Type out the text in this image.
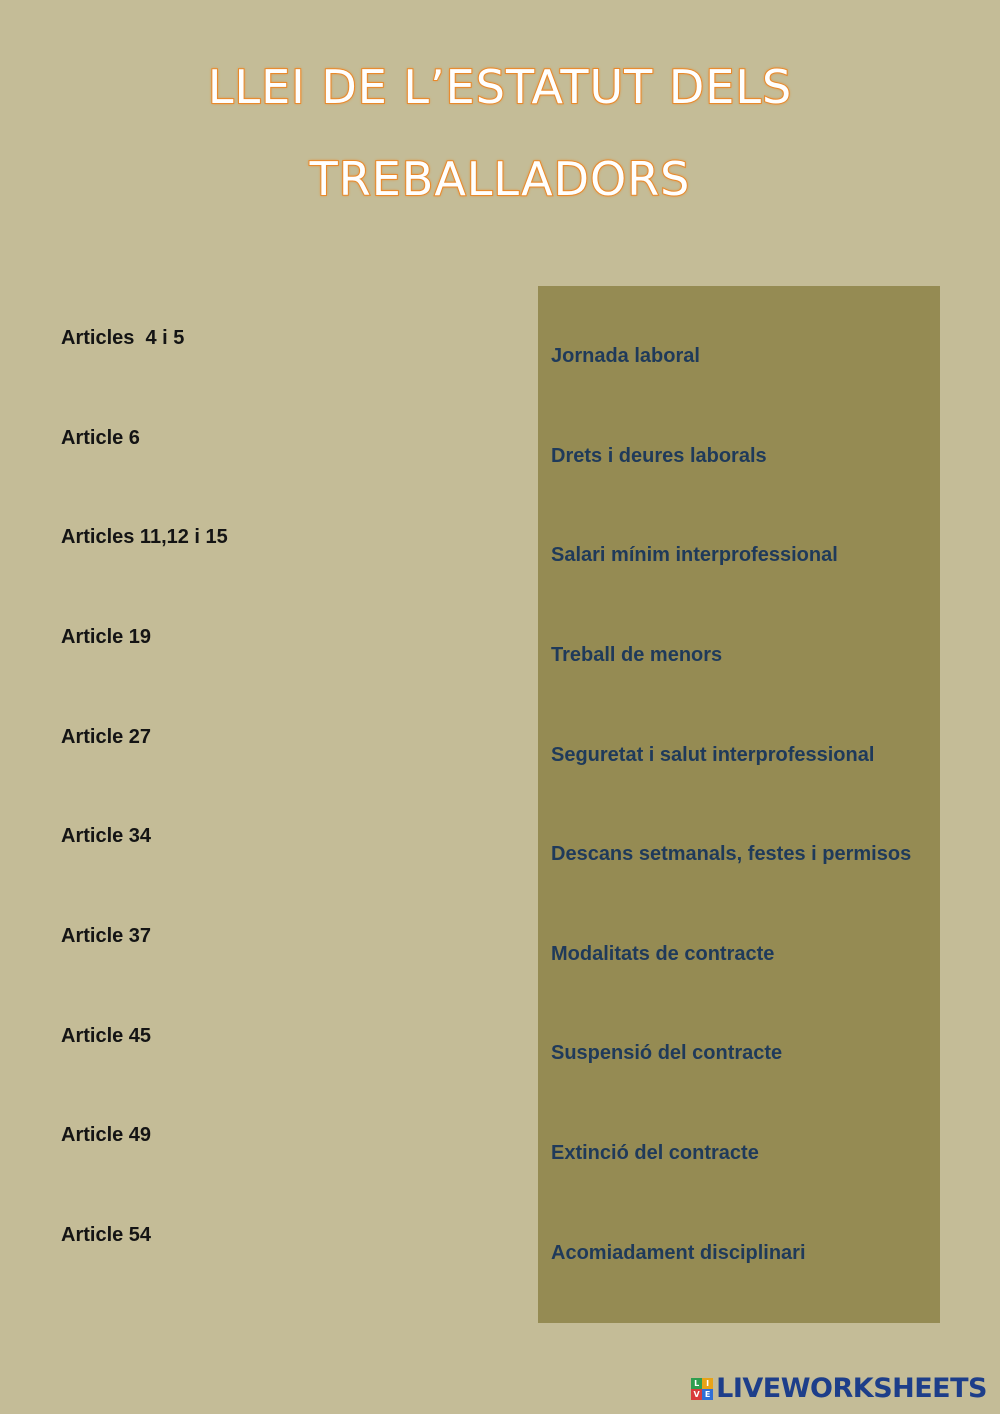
LLEI DE L’ESTATUT DELS
TREBALLADORS
Articles  4 i 5
Article 6
Articles 11,12 i 15
Article 19
Article 27
Article 34
Article 37
Article 45
Article 49
Article 54
Jornada laboral
Drets i deures laborals
Salari mínim interprofessional
Treball de menors
Seguretat i salut interprofessional
Descans setmanals, festes i permisos
Modalitats de contracte
Suspensió del contracte
Extinció del contracte
Acomiadament disciplinari
L I
V E LIVEWORKSHEETS
